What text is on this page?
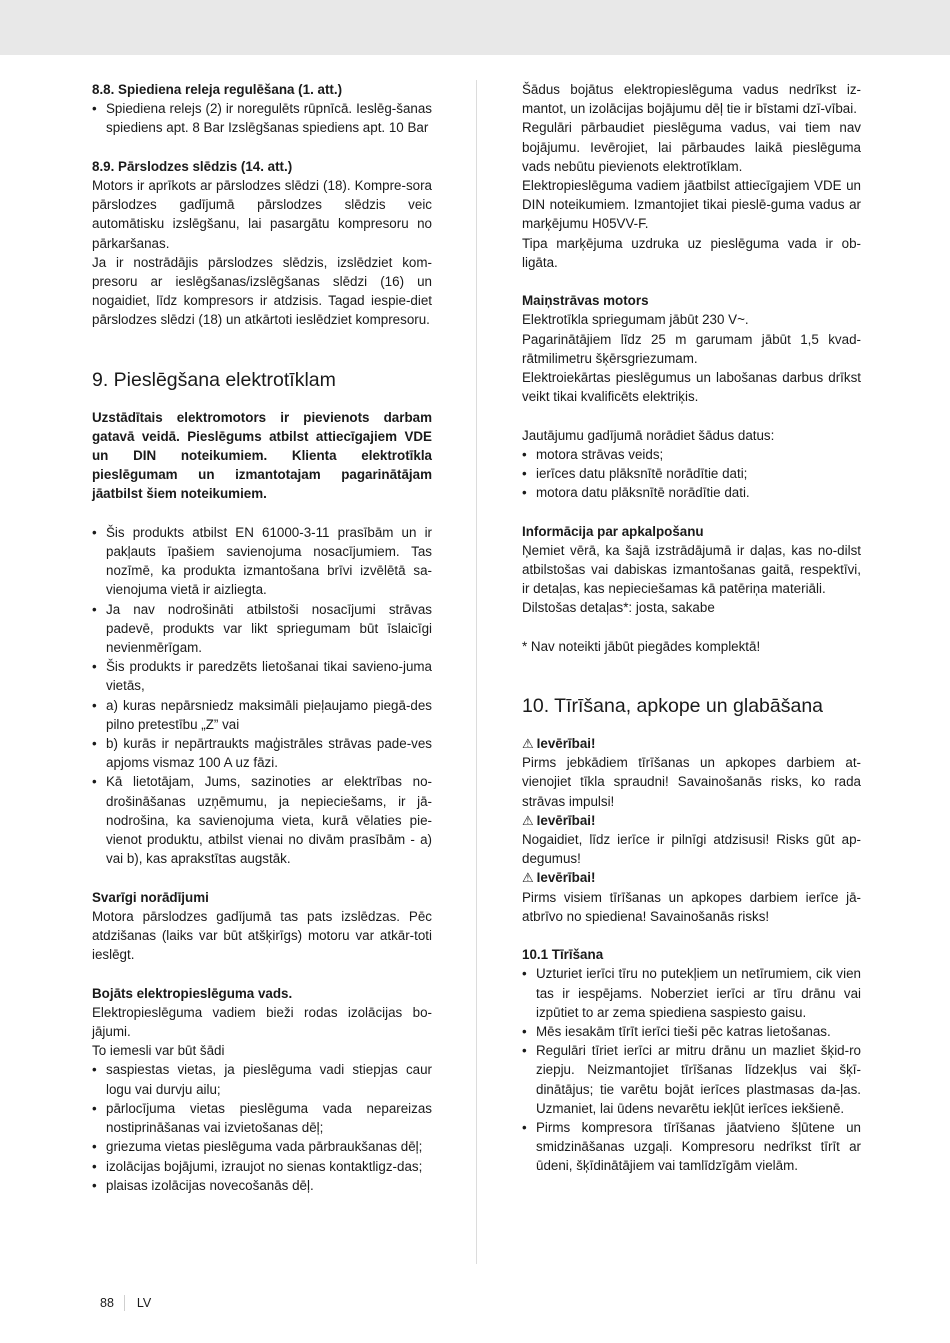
8.8. Spiediena releja regulēšana (1. att.)

• Spiediena relejs (2) ir noregulēts rūpnīcā. Ieslēg-šanas spiediens apt. 8 Bar Izslēgšanas spiediens apt. 10 Bar

8.9. Pārslodzes slēdzis (14. att.)

Motors ir aprīkots ar pārslodzes slēdzi (18). Kompre-sora pārslodzes gadījumā pārslodzes slēdzis veic automātisku izslēgšanu, lai pasargātu kompresoru no pārkaršanas.

Ja ir nostrādājis pārslodzes slēdzis, izslēdziet kom-presoru ar ieslēgšanas/izslēgšanas slēdzi (16) un nogaidiet, līdz kompresors ir atdzisis. Tagad iespie-diet pārslodzes slēdzi (18) un atkārtoti ieslēdziet kompresoru.

9. Pieslēgšana elektrotīklam

Uzstādītais elektromotors ir pievienots darbam gatavā veidā. Pieslēgums atbilst attiecīgajiem VDE un DIN noteikumiem. Klienta elektrotīkla pieslēgumam un izmantotajam pagarinātājam jāatbilst šiem noteikumiem.

• Šis produkts atbilst EN 61000-3-11 prasībām un ir pakļauts īpašiem savienojuma nosacījumiem. Tas nozīmē, ka produkta izmantošana brīvi izvēlētā sa-vienojuma vietā ir aizliegta.
• Ja nav nodrošināti atbilstoši nosacījumi strāvas padevē, produkts var likt spriegumam būt īslaicīgi nevienmērīgam.
• Šis produkts ir paredzēts lietošanai tikai savieno-juma vietās,
• a) kuras nepārsniedz maksimāli pieļaujamo piegā-des pilno pretestību „Z” vai
• b) kurās ir nepārtraukts maģistrāles strāvas pade-ves apjoms vismaz 100 A uz fāzi.
• Kā lietotājam, Jums, sazinoties ar elektrības no-drošināšanas uzņēmumu, ja nepieciešams, ir jā-nodrošina, ka savienojuma vieta, kurā vēlaties pie-vienot produktu, atbilst vienai no divām prasībām - a) vai b), kas aprakstītas augstāk.

Svarīgi norādījumi

Motora pārslodzes gadījumā tas pats izslēdzas. Pēc atdzišanas (laiks var būt atšķirīgs) motoru var atkār-toti ieslēgt.

Bojāts elektropieslēguma vads.

Elektropieslēguma vadiem bieži rodas izolācijas bo-jājumi.

To iemesli var būt šādi

• saspiestas vietas, ja pieslēguma vadi stiepjas caur logu vai durvju ailu;
• pārlocījuma vietas pieslēguma vada nepareizas nostiprināšanas vai izvietošanas dēļ;
• griezuma vietas pieslēguma vada pārbraukšanas dēļ;
• izolācijas bojājumi, izraujot no sienas kontaktligz-das;
• plaisas izolācijas novecošanās dēļ.

Šādus bojātus elektropieslēguma vadus nedrīkst iz-mantot, un izolācijas bojājumu dēļ tie ir bīstami dzī-vībai.

Regulāri pārbaudiet pieslēguma vadus, vai tiem nav bojājumu. Ievērojiet, lai pārbaudes laikā pieslēguma vads nebūtu pievienots elektrotīklam.

Elektropieslēguma vadiem jāatbilst attiecīgajiem VDE un DIN noteikumiem. Izmantojiet tikai pieslē-guma vadus ar marķējumu H05VV-F.

Tipa marķējuma uzdruka uz pieslēguma vada ir ob-ligāta.

Maiņstrāvas motors

Elektrotīkla spriegumam jābūt 230 V~.

Pagarinātājiem līdz 25 m garumam jābūt 1,5 kvad-rātmilimetru šķērsgriezumam.

Elektroiekārtas pieslēgumus un labošanas darbus drīkst veikt tikai kvalificēts elektriķis.

Jautājumu gadījumā norādiet šādus datus:

• motora strāvas veids;
• ierīces datu plāksnītē norādītie dati;
• motora datu plāksnītē norādītie dati.

Informācija par apkalpošanu

Ņemiet vērā, ka šajā izstrādājumā ir daļas, kas no-dilst atbilstošas vai dabiskas izmantošanas gaitā, respektīvi, ir detaļas, kas nepieciešamas kā patēriņa materiāli.

Dilstošas detaļas*: josta, sakabe

* Nav noteikti jābūt piegādes komplektā!

10. Tīrīšana, apkope un glabāšana

⚠ Ievērībai!

Pirms jebkādiem tīrīšanas un apkopes darbiem at-vienojiet tīkla spraudni! Savainošanās risks, ko rada strāvas impulsi!

⚠ Ievērībai!

Nogaidiet, līdz ierīce ir pilnīgi atdzisusi! Risks gūt ap-degumus!

⚠ Ievērībai!

Pirms visiem tīrīšanas un apkopes darbiem ierīce jā-atbrīvo no spiediena! Savainošanās risks!

10.1 Tīrīšana

• Uzturiet ierīci tīru no putekļiem un netīrumiem, cik vien tas ir iespējams. Noberziet ierīci ar tīru drānu vai izpūtiet to ar zema spiediena saspiesto gaisu.
• Mēs iesakām tīrīt ierīci tieši pēc katras lietošanas.
• Regulāri tīriet ierīci ar mitru drānu un mazliet šķid-ro ziepju. Neizmantojiet tīrīšanas līdzekļus vai šķī-dinātājus; tie varētu bojāt ierīces plastmasas da-ļas. Uzmaniet, lai ūdens nevarētu iekļūt ierīces iekšienē.
• Pirms kompresora tīrīšanas jāatvieno šļūtene un smidzināšanas uzgaļi. Kompresoru nedrīkst tīrīt ar ūdeni, šķīdinātājiem vai tamlīdzīgām vielām.
88 LV
